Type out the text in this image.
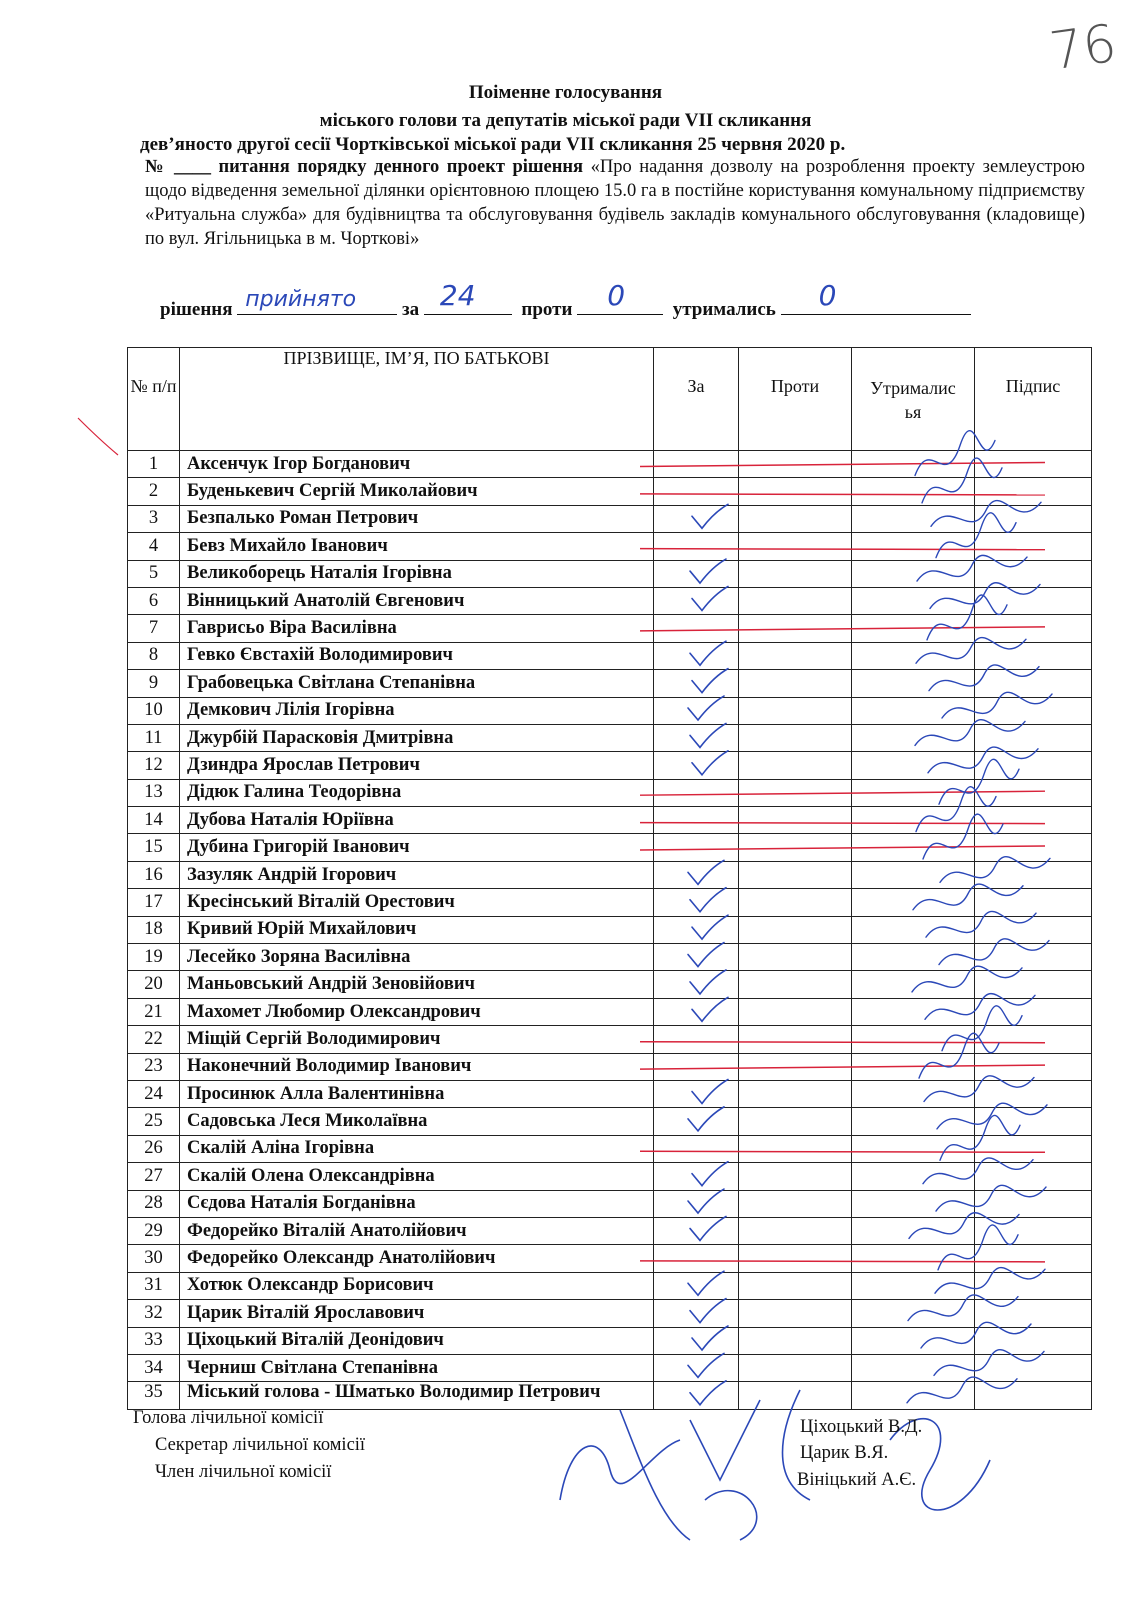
76
Поіменне голосування
міського голови та депутатів міської ради VII скликання
дев’яносто другої сесії Чортківської міської ради VII скликання 25 червня 2020 р.
№ ____ питання порядку денного проект рішення «Про надання дозволу на розроблення проекту землеустрою щодо відведення земельної ділянки орієнтовною площею 15.0 га в постійне користування комунальному підприємству «Ритуальна служба» для будівництва та обслуговування будівель закладів комунального обслуговування (кладовище) по вул. Ягільницька в м. Чорткові»
рішення прийнято за 24 проти 0	утримались 0
№ п/п	ПРІЗВИЩЕ, ІМ’Я, ПО БАТЬКОВІ	За	Проти	Утрималисья	Підпис
1	Аксенчук Ігор Богданович				
2	Буденькевич Сергій Миколайович				
3	Безпалько Роман Петрович				
4	Бевз Михайло Іванович				
5	Великоборець Наталія Ігорівна				
6	Вінницький Анатолій Євгенович				
7	Гаврисьо Віра Василівна				
8	Гевко Євстахій Володимирович				
9	Грабовецька Світлана Степанівна				
10	Демкович Лілія Ігорівна				
11	Джурбій Парасковія Дмитрівна				
12	Дзиндра Ярослав Петрович				
13	Дідюк Галина Теодорівна				
14	Дубова Наталія Юріївна				
15	Дубина Григорій Іванович				
16	Зазуляк Андрій Ігорович				
17	Кресінський Віталій Орестович				
18	Кривий Юрій Михайлович				
19	Лесейко Зоряна Василівна				
20	Маньовський Андрій Зеновійович				
21	Махомет Любомир Олександрович				
22	Міщій Сергій Володимирович				
23	Наконечний Володимир Іванович				
24	Просинюк Алла Валентинівна				
25	Садовська Леся Миколаївна				
26	Скалій Аліна Ігорівна				
27	Скалій Олена Олександрівна				
28	Сєдова Наталія Богданівна				
29	Федорейко Віталій Анатолійович				
30	Федорейко Олександр Анатолійович				
31	Хотюк Олександр Борисович				
32	Царик Віталій Ярославович				
33	Ціхоцький Віталій Деонідович				
34	Черниш Світлана Степанівна				
35	Міський голова - Шматько Володимир Петрович				
Голова лічильної комісії
Секретар лічильної комісії
Член лічильної комісії
Ціхоцький В.Д.
Царик В.Я.
Вініцький А.Є.
